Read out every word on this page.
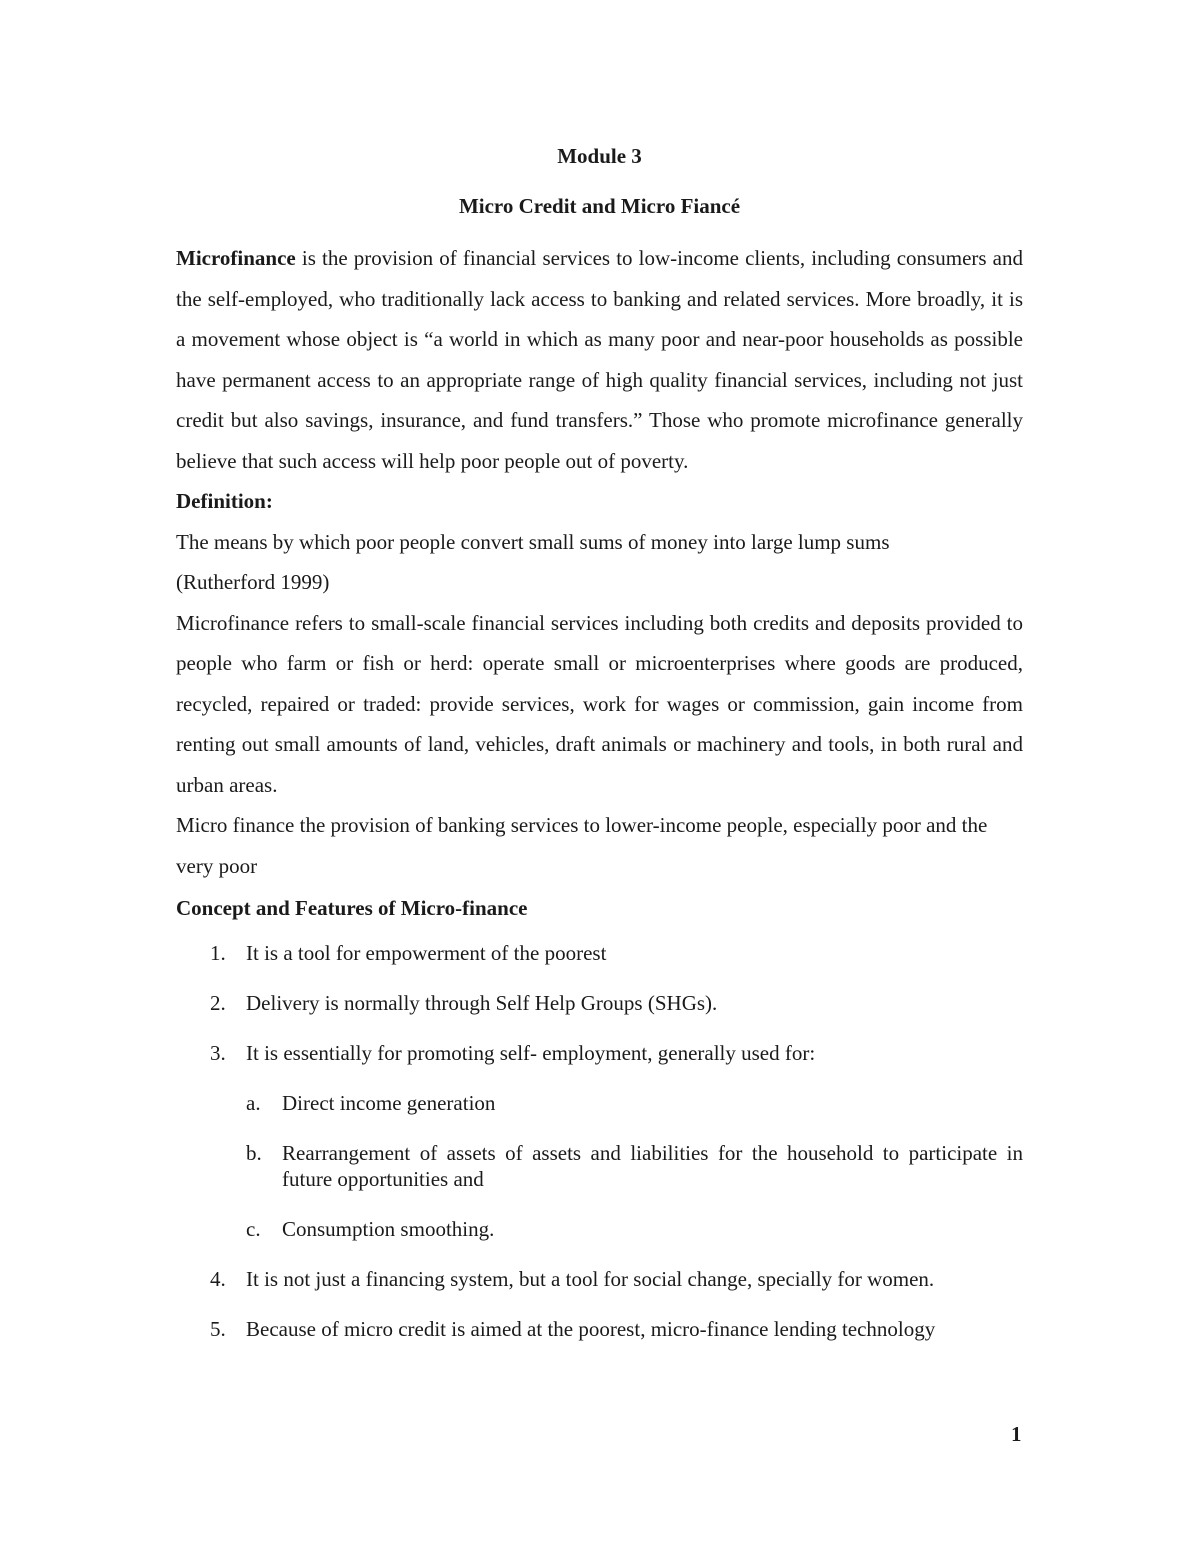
Module 3

Micro Credit and Micro Fiancé

Microfinance is the provision of financial services to low-income clients, including consumers and the self-employed, who traditionally lack access to banking and related services. More broadly, it is a movement whose object is “a world in which as many poor and near-poor households as possible have permanent access to an appropriate range of high quality financial services, including not just credit but also savings, insurance, and fund transfers.” Those who promote microfinance generally believe that such access will help poor people out of poverty.

Definition:

The means by which poor people convert small sums of money into large lump sums

(Rutherford 1999)

Microfinance refers to small-scale financial services including both credits and deposits provided to people who farm or fish or herd: operate small or microenterprises where goods are produced, recycled, repaired or traded: provide services, work for wages or commission, gain income from renting out small amounts of land, vehicles, draft animals or machinery and tools, in both rural and urban areas.

Micro finance the provision of banking services to lower-income people, especially poor and the very poor

Concept and Features of Micro-finance

1. It is a tool for empowerment of the poorest
2. Delivery is normally through Self Help Groups (SHGs).
3. It is essentially for promoting self- employment, generally used for:
a. Direct income generation
b. Rearrangement of assets of assets and liabilities for the household to participate in future opportunities and
c. Consumption smoothing.
4. It is not just a financing system, but a tool for social change, specially for women.
5. Because of micro credit is aimed at the poorest, micro-finance lending technology
1
